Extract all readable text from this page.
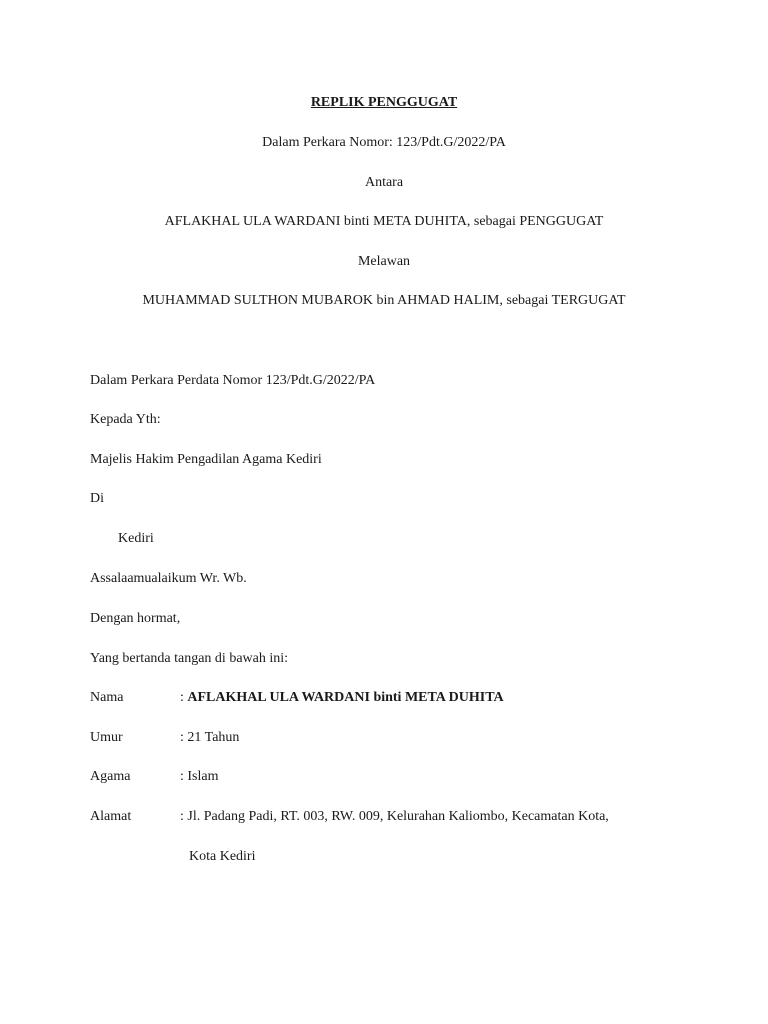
REPLIK PENGGUGAT
Dalam Perkara Nomor: 123/Pdt.G/2022/PA
Antara
AFLAKHAL ULA WARDANI binti META DUHITA, sebagai PENGGUGAT
Melawan
MUHAMMAD SULTHON MUBAROK bin AHMAD HALIM, sebagai TERGUGAT
Dalam Perkara Perdata Nomor 123/Pdt.G/2022/PA
Kepada Yth:
Majelis Hakim Pengadilan Agama Kediri
Di
Kediri
Assalaamualaikum Wr. Wb.
Dengan hormat,
Yang bertanda tangan di bawah ini:
Nama	: AFLAKHAL ULA WARDANI binti META DUHITA
Umur	: 21 Tahun
Agama	: Islam
Alamat	: Jl. Padang Padi, RT. 003, RW. 009, Kelurahan Kaliombo, Kecamatan Kota,
Kota Kediri
